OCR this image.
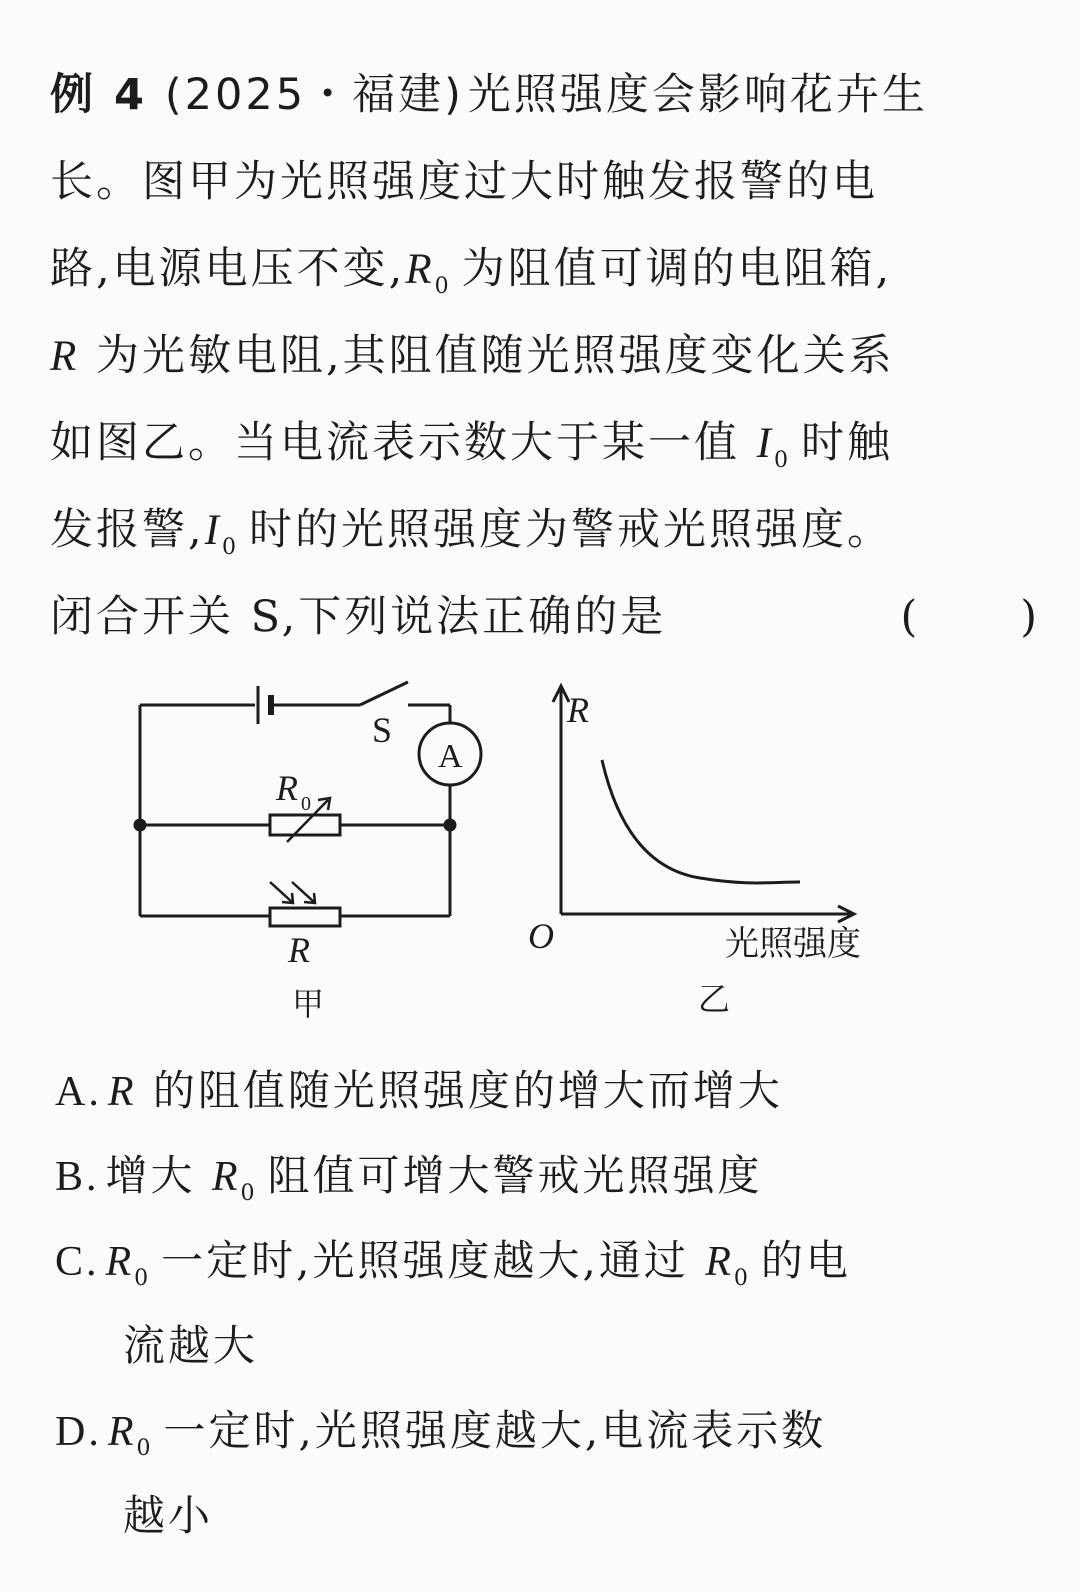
例 4 (2025・福建)光照强度会影响花卉生
长。图甲为光照强度过大时触发报警的电
路,电源电压不变$,R_0$ 为阻值可调的电阻箱,
R 为光敏电阻,其阻值随光照强度变化关系
如图乙。当电流表示数大于某一值 $I_0$ 时触
发报警$,I_0$ 时的光照强度为警戒光照强度。
闭合开关 S,下列说法正确的是	(      )
S
A
R 0
R
甲
R
O	光照强度
乙
A. R 的阻值随光照强度的增大而增大
B. 增大 $R_0$ 阻值可增大警戒光照强度
C. $R_0$ 一定时,光照强度越大,通过 $R_0$ 的电
流越大
D. $R_0$ 一定时,光照强度越大,电流表示数
越小
